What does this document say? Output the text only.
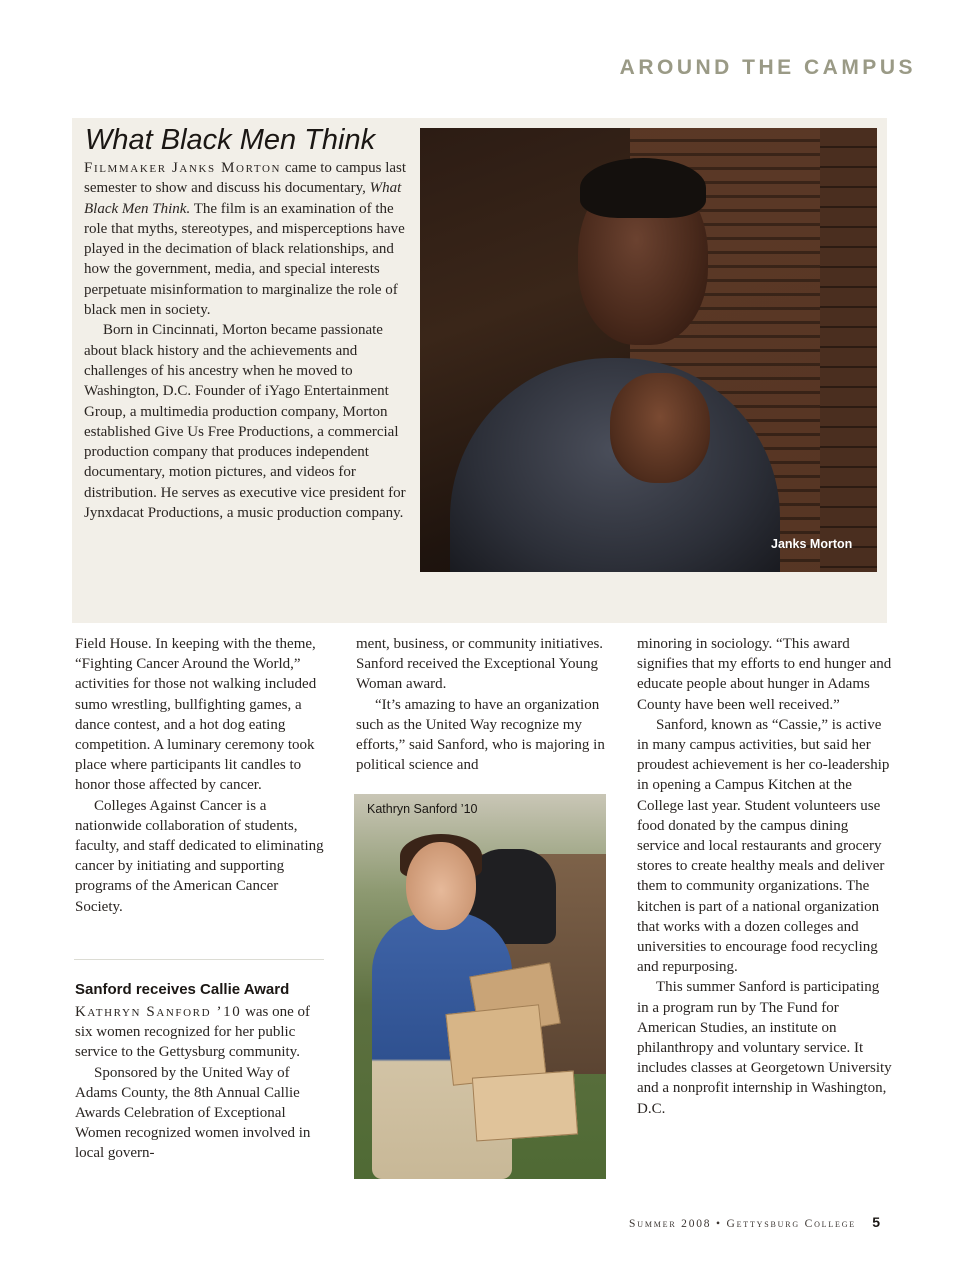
AROUND THE CAMPUS
What Black Men Think

Filmmaker Janks Morton came to campus last semester to show and discuss his documentary, What Black Men Think. The film is an examination of the role that myths, stereotypes, and misperceptions have played in the decimation of black relationships, and how the government, media, and special interests perpetuate misinformation to marginalize the role of black men in society.

Born in Cincinnati, Morton became passionate about black history and the achievements and challenges of his ancestry when he moved to Washington, D.C. Founder of iYago Entertainment Group, a multimedia production company, Morton established Give Us Free Productions, a commercial production company that produces independent documentary, motion pictures, and videos for distribution. He serves as executive vice president for Jynxdacat Productions, a music production company.

Janks Morton

Field House. In keeping with the theme, “Fighting Cancer Around the World,” activities for those not walking included sumo wrestling, bullfighting games, a dance contest, and a hot dog eating competition. A luminary ceremony took place where participants lit candles to honor those affected by cancer.

Colleges Against Cancer is a nationwide collaboration of students, faculty, and staff dedicated to eliminating cancer by initiating and supporting programs of the American Cancer Society.

Sanford receives Callie Award

Kathryn Sanford ’10 was one of six women recognized for her public service to the Gettysburg community.

Sponsored by the United Way of Adams County, the 8th Annual Callie Awards Celebration of Exceptional Women recognized women involved in local govern-

ment, business, or community initiatives. Sanford received the Exceptional Young Woman award.

“It’s amazing to have an organization such as the United Way recognize my efforts,” said Sanford, who is majoring in political science and

Kathryn Sanford ’10

minoring in sociology. “This award signifies that my efforts to end hunger and educate people about hunger in Adams County have been well received.”

Sanford, known as “Cassie,” is active in many campus activities, but said her proudest achievement is her co-leadership in opening a Campus Kitchen at the College last year. Student volunteers use food donated by the campus dining service and local restaurants and grocery stores to create healthy meals and deliver them to community organizations. The kitchen is part of a national organization that works with a dozen colleges and universities to encourage food recycling and repurposing.

This summer Sanford is participating in a program run by The Fund for American Studies, an institute on philanthropy and voluntary service. It includes classes at Georgetown University and a nonprofit internship in Washington, D.C.

Summer 2008 • Gettysburg College 5
